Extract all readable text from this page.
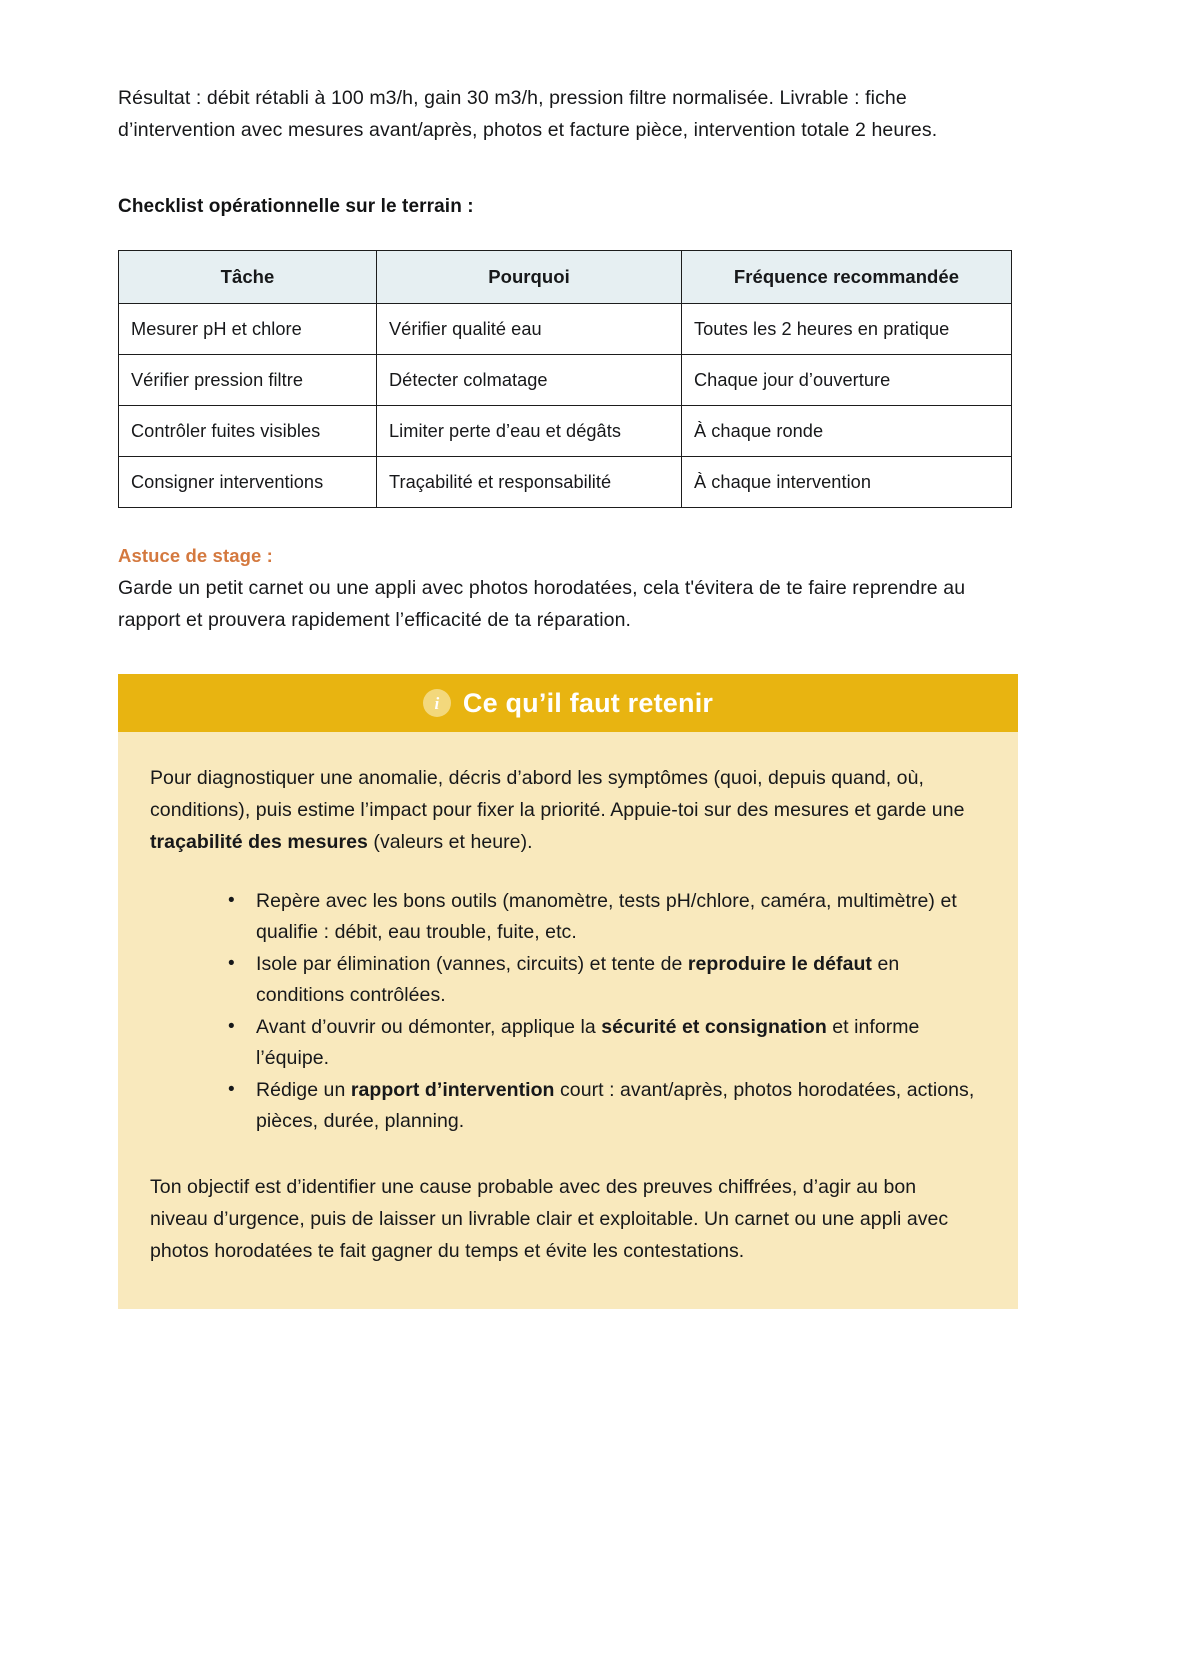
Résultat : débit rétabli à 100 m3/h, gain 30 m3/h, pression filtre normalisée. Livrable : fiche d’intervention avec mesures avant/après, photos et facture pièce, intervention totale 2 heures.

Checklist opérationnelle sur le terrain :
Tâche	Pourquoi	Fréquence recommandée
Mesurer pH et chlore	Vérifier qualité eau	Toutes les 2 heures en pratique
Vérifier pression filtre	Détecter colmatage	Chaque jour d’ouverture
Contrôler fuites visibles	Limiter perte d’eau et dégâts	À chaque ronde
Consigner interventions	Traçabilité et responsabilité	À chaque intervention

Astuce de stage :

Garde un petit carnet ou une appli avec photos horodatées, cela t'évitera de te faire reprendre au rapport et prouvera rapidement l’efficacité de ta réparation.

i Ce qu’il faut retenir

Pour diagnostiquer une anomalie, décris d’abord les symptômes (quoi, depuis quand, où, conditions), puis estime l’impact pour fixer la priorité. Appuie-toi sur des mesures et garde une traçabilité des mesures (valeurs et heure).

• Repère avec les bons outils (manomètre, tests pH/chlore, caméra, multimètre) et qualifie : débit, eau trouble, fuite, etc.
• Isole par élimination (vannes, circuits) et tente de reproduire le défaut en conditions contrôlées.
• Avant d’ouvrir ou démonter, applique la sécurité et consignation et informe l’équipe.
• Rédige un rapport d’intervention court : avant/après, photos horodatées, actions, pièces, durée, planning.

Ton objectif est d’identifier une cause probable avec des preuves chiffrées, d’agir au bon niveau d’urgence, puis de laisser un livrable clair et exploitable. Un carnet ou une appli avec photos horodatées te fait gagner du temps et évite les contestations.
